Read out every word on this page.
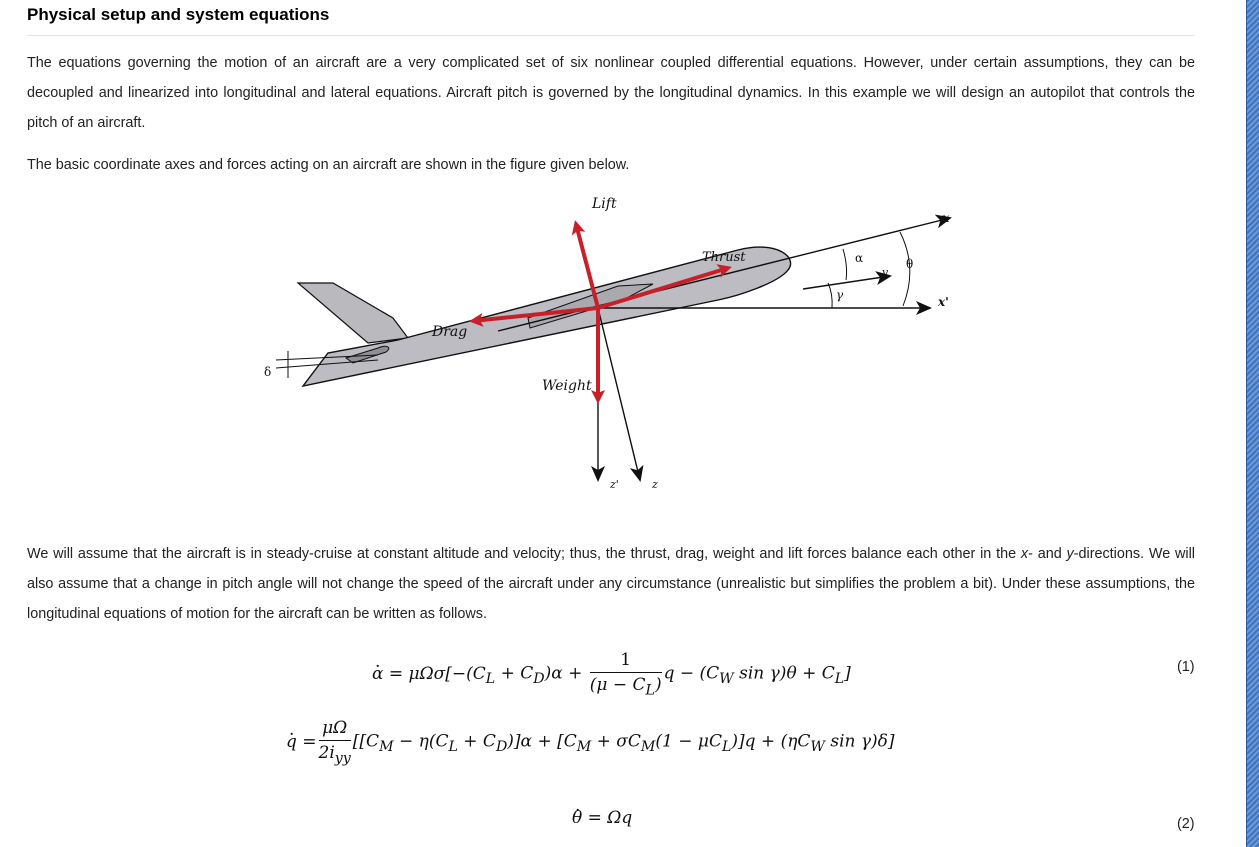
Physical setup and system equations

The equations governing the motion of an aircraft are a very complicated set of six nonlinear coupled differential equations. However, under certain assumptions, they can be decoupled and linearized into longitudinal and lateral equations. Aircraft pitch is governed by the longitudinal dynamics. In this example we will design an autopilot that controls the pitch of an aircraft.

The basic coordinate axes and forces acting on an aircraft are shown in the figure given below.

Lift
Thrust
Drag
Weight
x
x'
z'	z
α
γ
θ
v
δ

We will assume that the aircraft is in steady-cruise at constant altitude and velocity; thus, the thrust, drag, weight and lift forces balance each other in the x- and y-directions. We will also assume that a change in pitch angle will not change the speed of the aircraft under any circumstance (unrealistic but simplifies the problem a bit). Under these assumptions, the longitudinal equations of motion for the aircraft can be written as follows.

. $\alpha = \mu\Omega\sigma[-(C_L + C_D)\alpha + \frac{1}{(\mu - C_L)}$ $q - (C_W$ $\sin \gamma)\theta + C_L$]	(1)
. $q = \frac{\mu\Omega}{2i_{yy}} [[C_M - \eta(C_L + C_D)]\alpha + [C_M + \sigma C_M(1 - \mu C_L)]q + (\eta C_W$ sin γ)δ]
. θ = Ωq	(2)
